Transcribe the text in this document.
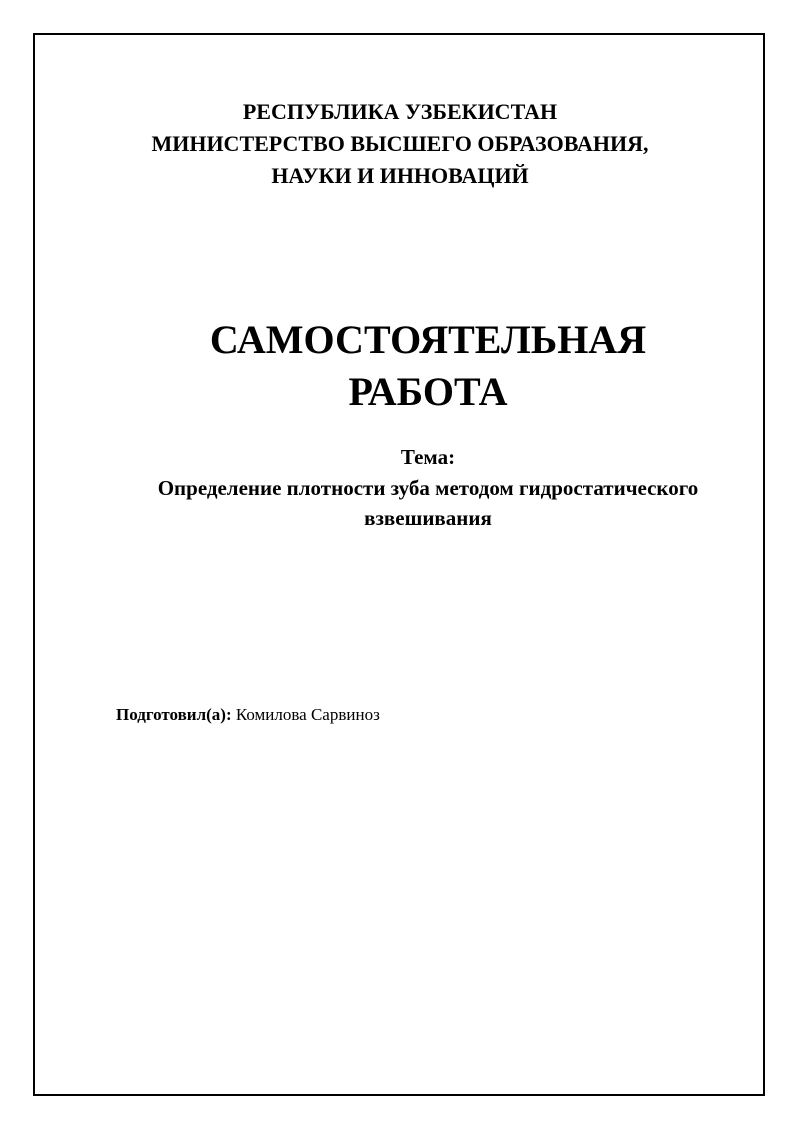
РЕСПУБЛИКА УЗБЕКИСТАН
МИНИСТЕРСТВО ВЫСШЕГО ОБРАЗОВАНИЯ,
НАУКИ И ИННОВАЦИЙ
САМОСТОЯТЕЛЬНАЯ
РАБОТА
Тема:
Определение плотности зуба методом гидростатического
взвешивания
Подготовил(а): Комилова Сарвиноз
